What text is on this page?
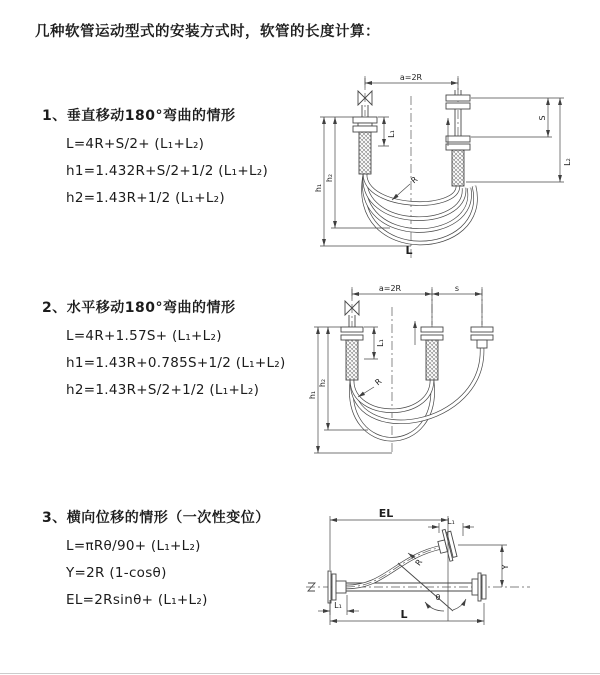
几种软管运动型式的安装方式时，软管的长度计算：
1、垂直移动180°弯曲的情形
L=4R+S/2+ (L₁+L₂)
h1=1.432R+S/2+1/2 (L₁+L₂)
h2=1.43R+1/2 (L₁+L₂)
2、水平移动180°弯曲的情形
L=4R+1.57S+ (L₁+L₂)
h1=1.43R+0.785S+1/2 (L₁+L₂)
h2=1.43R+S/2+1/2 (L₁+L₂)
3、横向位移的情形（一次性变位）
L=πRθ/90+ (L₁+L₂)
Y=2R (1-cosθ)
EL=2Rsinθ+ (L₁+L₂)
a=2R
L₁
h₁
h₂
S
L₂
R
L
a=2R	s
L₁
h₁
h₂	R
EL
L₁
Y
θ
R
L₁
L
